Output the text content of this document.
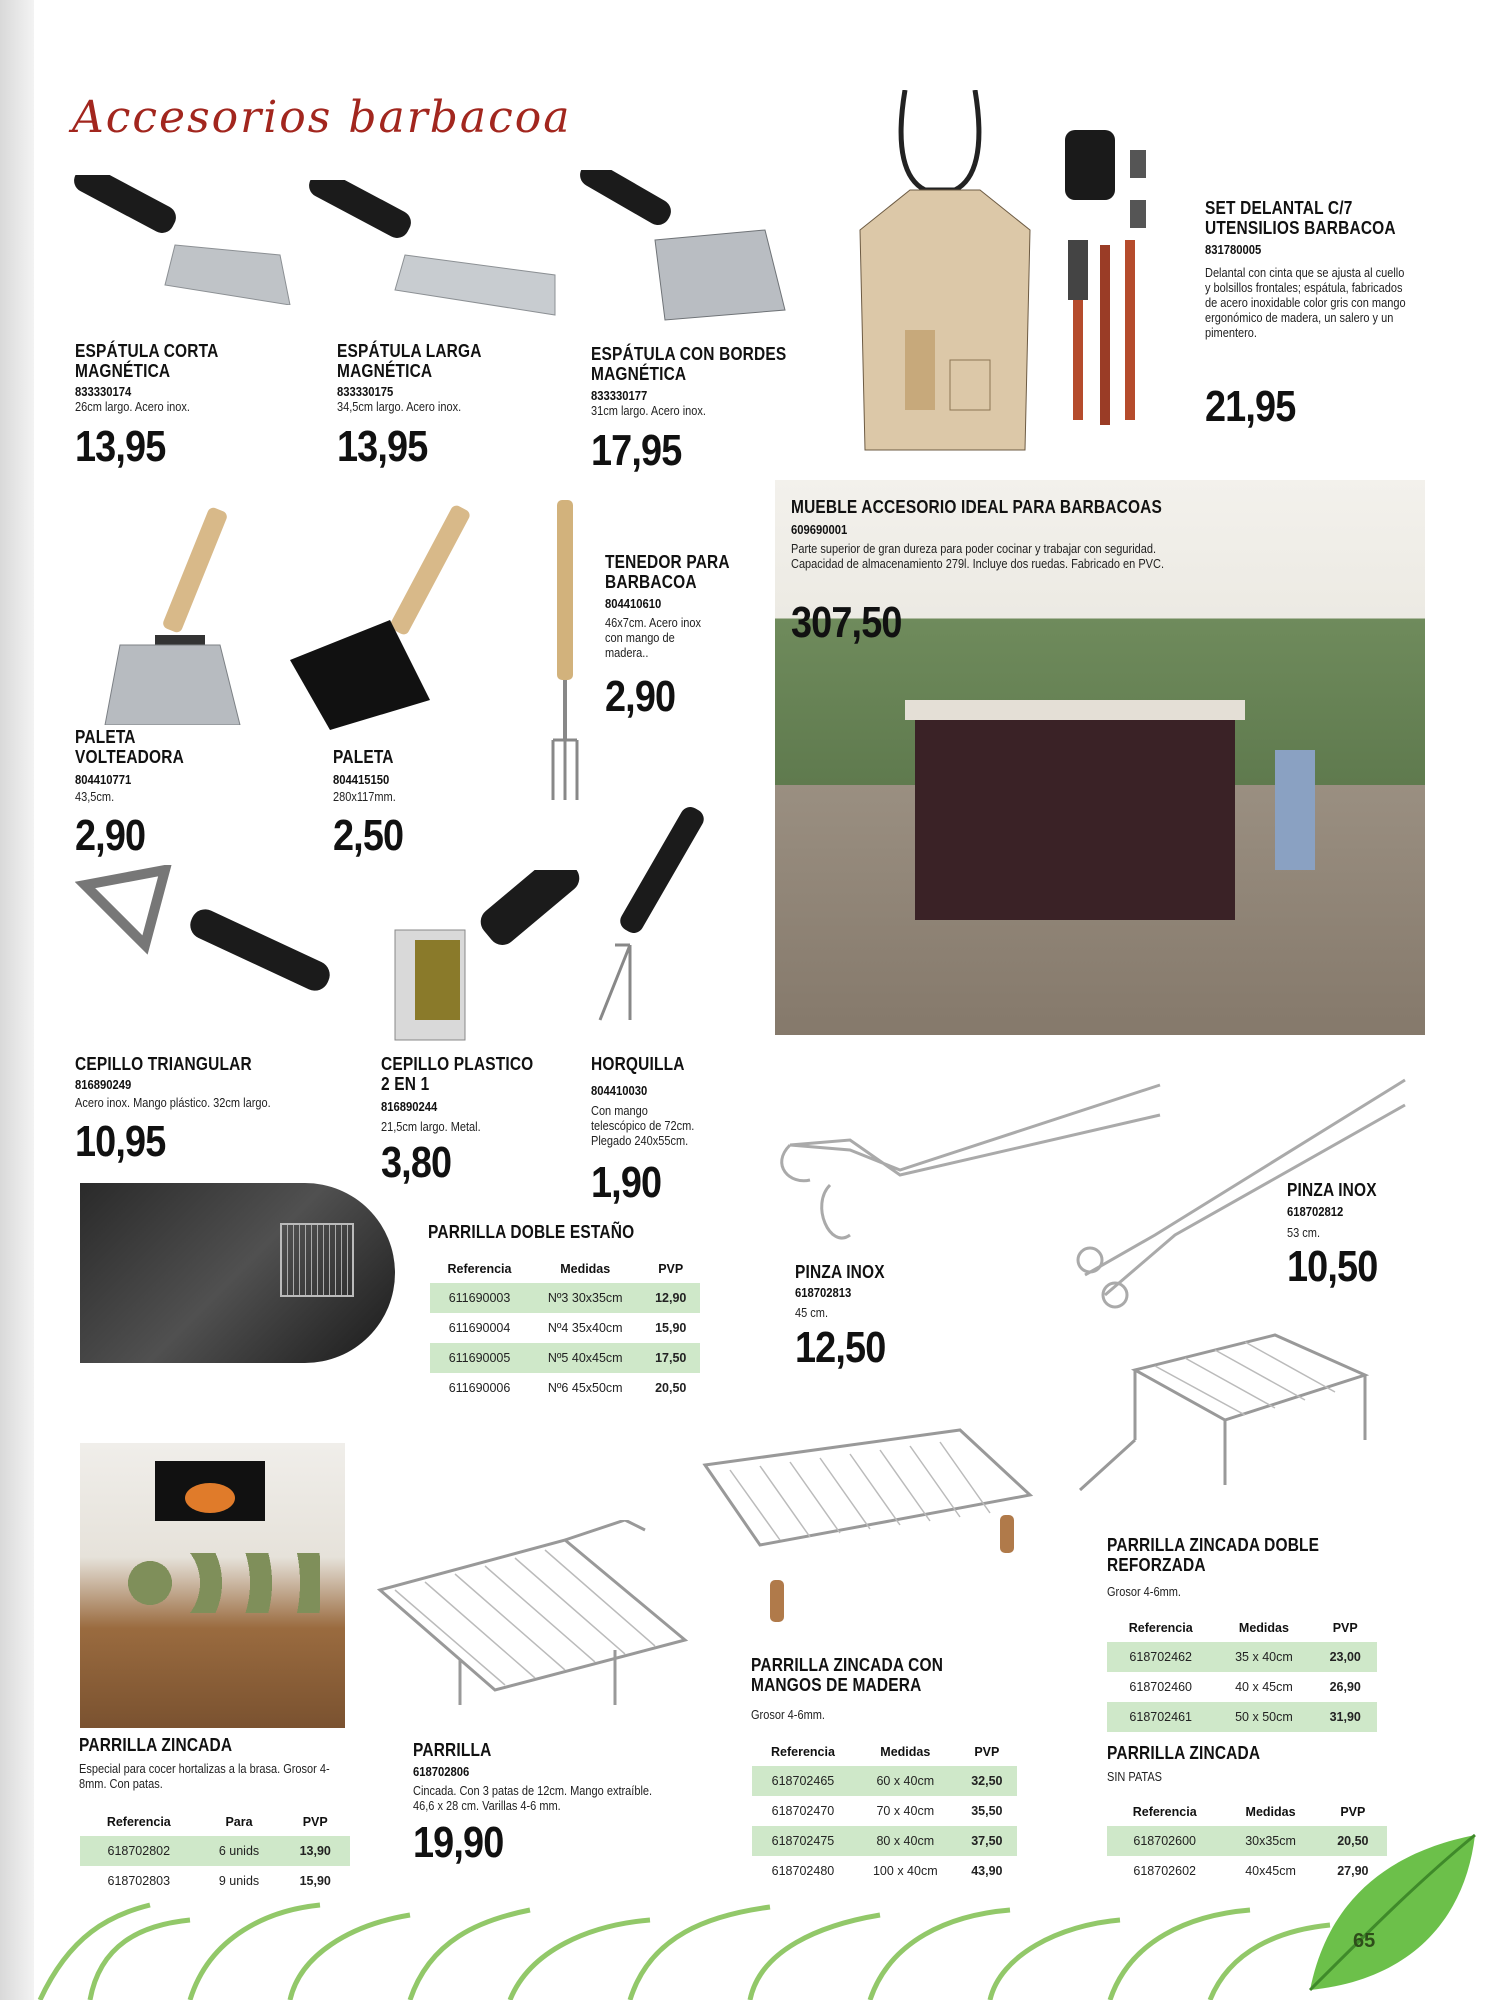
Accesorios barbacoa
ESPÁTULA CORTA
MAGNÉTICA
833330174
26cm largo. Acero inox.
13,95
ESPÁTULA LARGA
MAGNÉTICA
833330175
34,5cm largo. Acero inox.
13,95
ESPÁTULA CON BORDES
MAGNÉTICA
833330177
31cm largo. Acero inox.
17,95
SET DELANTAL C/7
UTENSILIOS BARBACOA
831780005
Delantal con cinta que se ajusta al cuello y bolsillos frontales; espátula, fabricados de acero inoxidable color gris con mango ergonómico de madera, un salero y un pimentero.
21,95
PALETA
VOLTEADORA
804410771
43,5cm.
2,90
PALETA
804415150
280x117mm.
2,50
TENEDOR PARA
BARBACOA
804410610
46x7cm. Acero inox con mango de madera..
2,90
MUEBLE ACCESORIO IDEAL PARA BARBACOAS
609690001
Parte superior de gran dureza para poder cocinar y trabajar con seguridad. Capacidad de almacenamiento 279l. Incluye dos ruedas. Fabricado en PVC.
307,50
CEPILLO TRIANGULAR
816890249
Acero inox. Mango plástico. 32cm largo.
10,95
CEPILLO PLASTICO
2 EN 1
816890244
21,5cm largo. Metal.
3,80
HORQUILLA
804410030
Con mango telescópico de 72cm. Plegado 240x55cm.
1,90
PINZA INOX
618702813
45 cm.
12,50
PINZA INOX
618702812
53 cm.
10,50
PARRILLA DOBLE ESTAÑO
Referencia	Medidas	PVP
611690003	Nº3 30x35cm	12,90
611690004	Nº4 35x40cm	15,90
611690005	Nº5 40x45cm	17,50
611690006	Nº6 45x50cm	20,50
PARRILLA ZINCADA
Especial para cocer hortalizas a la brasa. Grosor 4-8mm. Con patas.
Referencia	Para	PVP
618702802	6 unids	13,90
618702803	9 unids	15,90
PARRILLA
618702806
Cincada. Con 3 patas de 12cm. Mango extraíble. 46,6 x 28 cm. Varillas 4-6 mm.
19,90
PARRILLA ZINCADA CON
MANGOS DE MADERA
Grosor 4-6mm.
Referencia	Medidas	PVP
618702465	60 x 40cm	32,50
618702470	70 x 40cm	35,50
618702475	80 x 40cm	37,50
618702480	100 x 40cm	43,90
PARRILLA ZINCADA DOBLE
REFORZADA
Grosor 4-6mm.
Referencia	Medidas	PVP
618702462	35 x 40cm	23,00
618702460	40 x 45cm	26,90
618702461	50 x 50cm	31,90
PARRILLA ZINCADA
SIN PATAS
Referencia	Medidas	PVP
618702600	30x35cm	20,50
618702602	40x45cm	27,90
65
